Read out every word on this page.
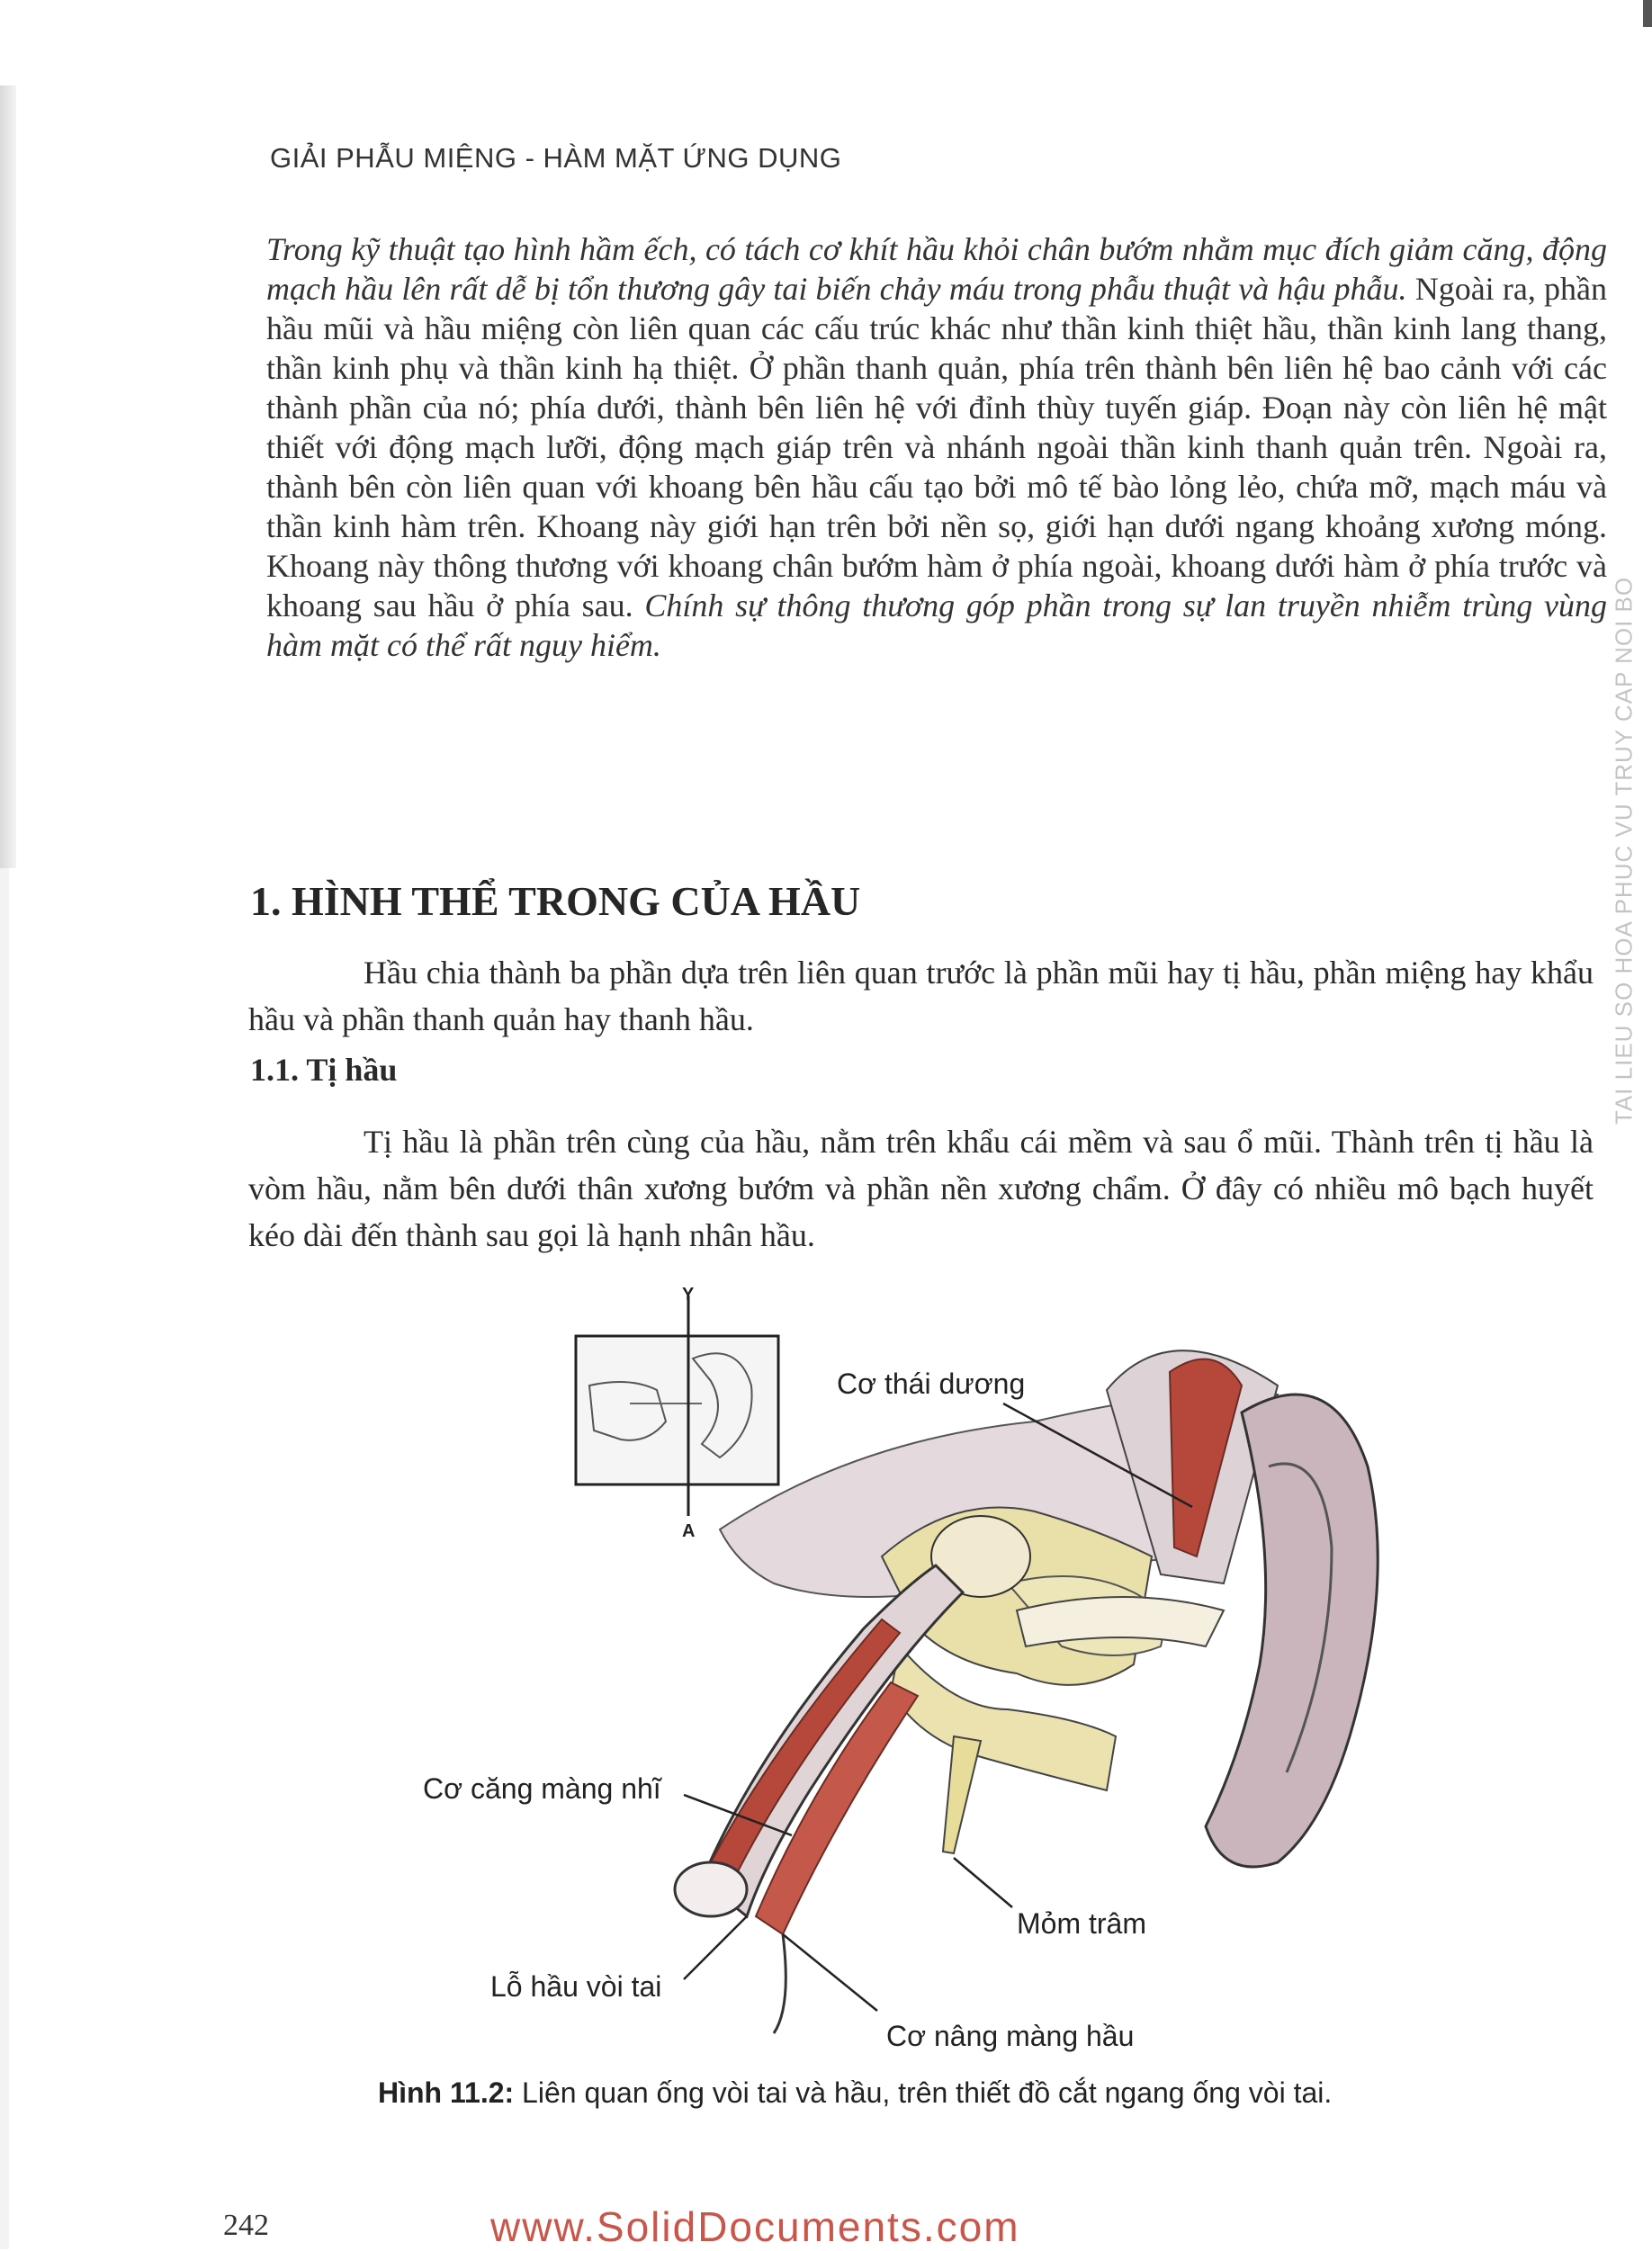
GIẢI PHẪU MIỆNG - HÀM MẶT ỨNG DỤNG
Trong kỹ thuật tạo hình hầm ếch, có tách cơ khít hầu khỏi chân bướm nhằm mục đích giảm căng, động mạch hầu lên rất dễ bị tổn thương gây tai biến chảy máu trong phẫu thuật và hậu phẫu. Ngoài ra, phần hầu mũi và hầu miệng còn liên quan các cấu trúc khác như thần kinh thiệt hầu, thần kinh lang thang, thần kinh phụ và thần kinh hạ thiệt. Ở phần thanh quản, phía trên thành bên liên hệ bao cảnh với các thành phần của nó; phía dưới, thành bên liên hệ với đỉnh thùy tuyến giáp. Đoạn này còn liên hệ mật thiết với động mạch lưỡi, động mạch giáp trên và nhánh ngoài thần kinh thanh quản trên. Ngoài ra, thành bên còn liên quan với khoang bên hầu cấu tạo bởi mô tế bào lỏng lẻo, chứa mỡ, mạch máu và thần kinh hàm trên. Khoang này giới hạn trên bởi nền sọ, giới hạn dưới ngang khoảng xương móng. Khoang này thông thương với khoang chân bướm hàm ở phía ngoài, khoang dưới hàm ở phía trước và khoang sau hầu ở phía sau. Chính sự thông thương góp phần trong sự lan truyền nhiễm trùng vùng hàm mặt có thể rất nguy hiểm.	TAI LIEU SO HOA PHUC VU TRUY CAP NOI BO
1. HÌNH THỂ TRONG CỦA HẦU
Hầu chia thành ba phần dựa trên liên quan trước là phần mũi hay tị hầu, phần miệng hay khẩu hầu và phần thanh quản hay thanh hầu.
1.1. Tị hầu
Tị hầu là phần trên cùng của hầu, nằm trên khẩu cái mềm và sau ổ mũi. Thành trên tị hầu là vòm hầu, nằm bên dưới thân xương bướm và phần nền xương chẩm. Ở đây có nhiều mô bạch huyết kéo dài đến thành sau gọi là hạnh nhân hầu.
Y
A
Cơ thái dương
Cơ căng màng nhĩ
Mỏm trâm
Lỗ hầu vòi tai
Cơ nâng màng hầu
Hình 11.2: Liên quan ống vòi tai và hầu, trên thiết đồ cắt ngang ống vòi tai.
242	www.SolidDocuments.com
